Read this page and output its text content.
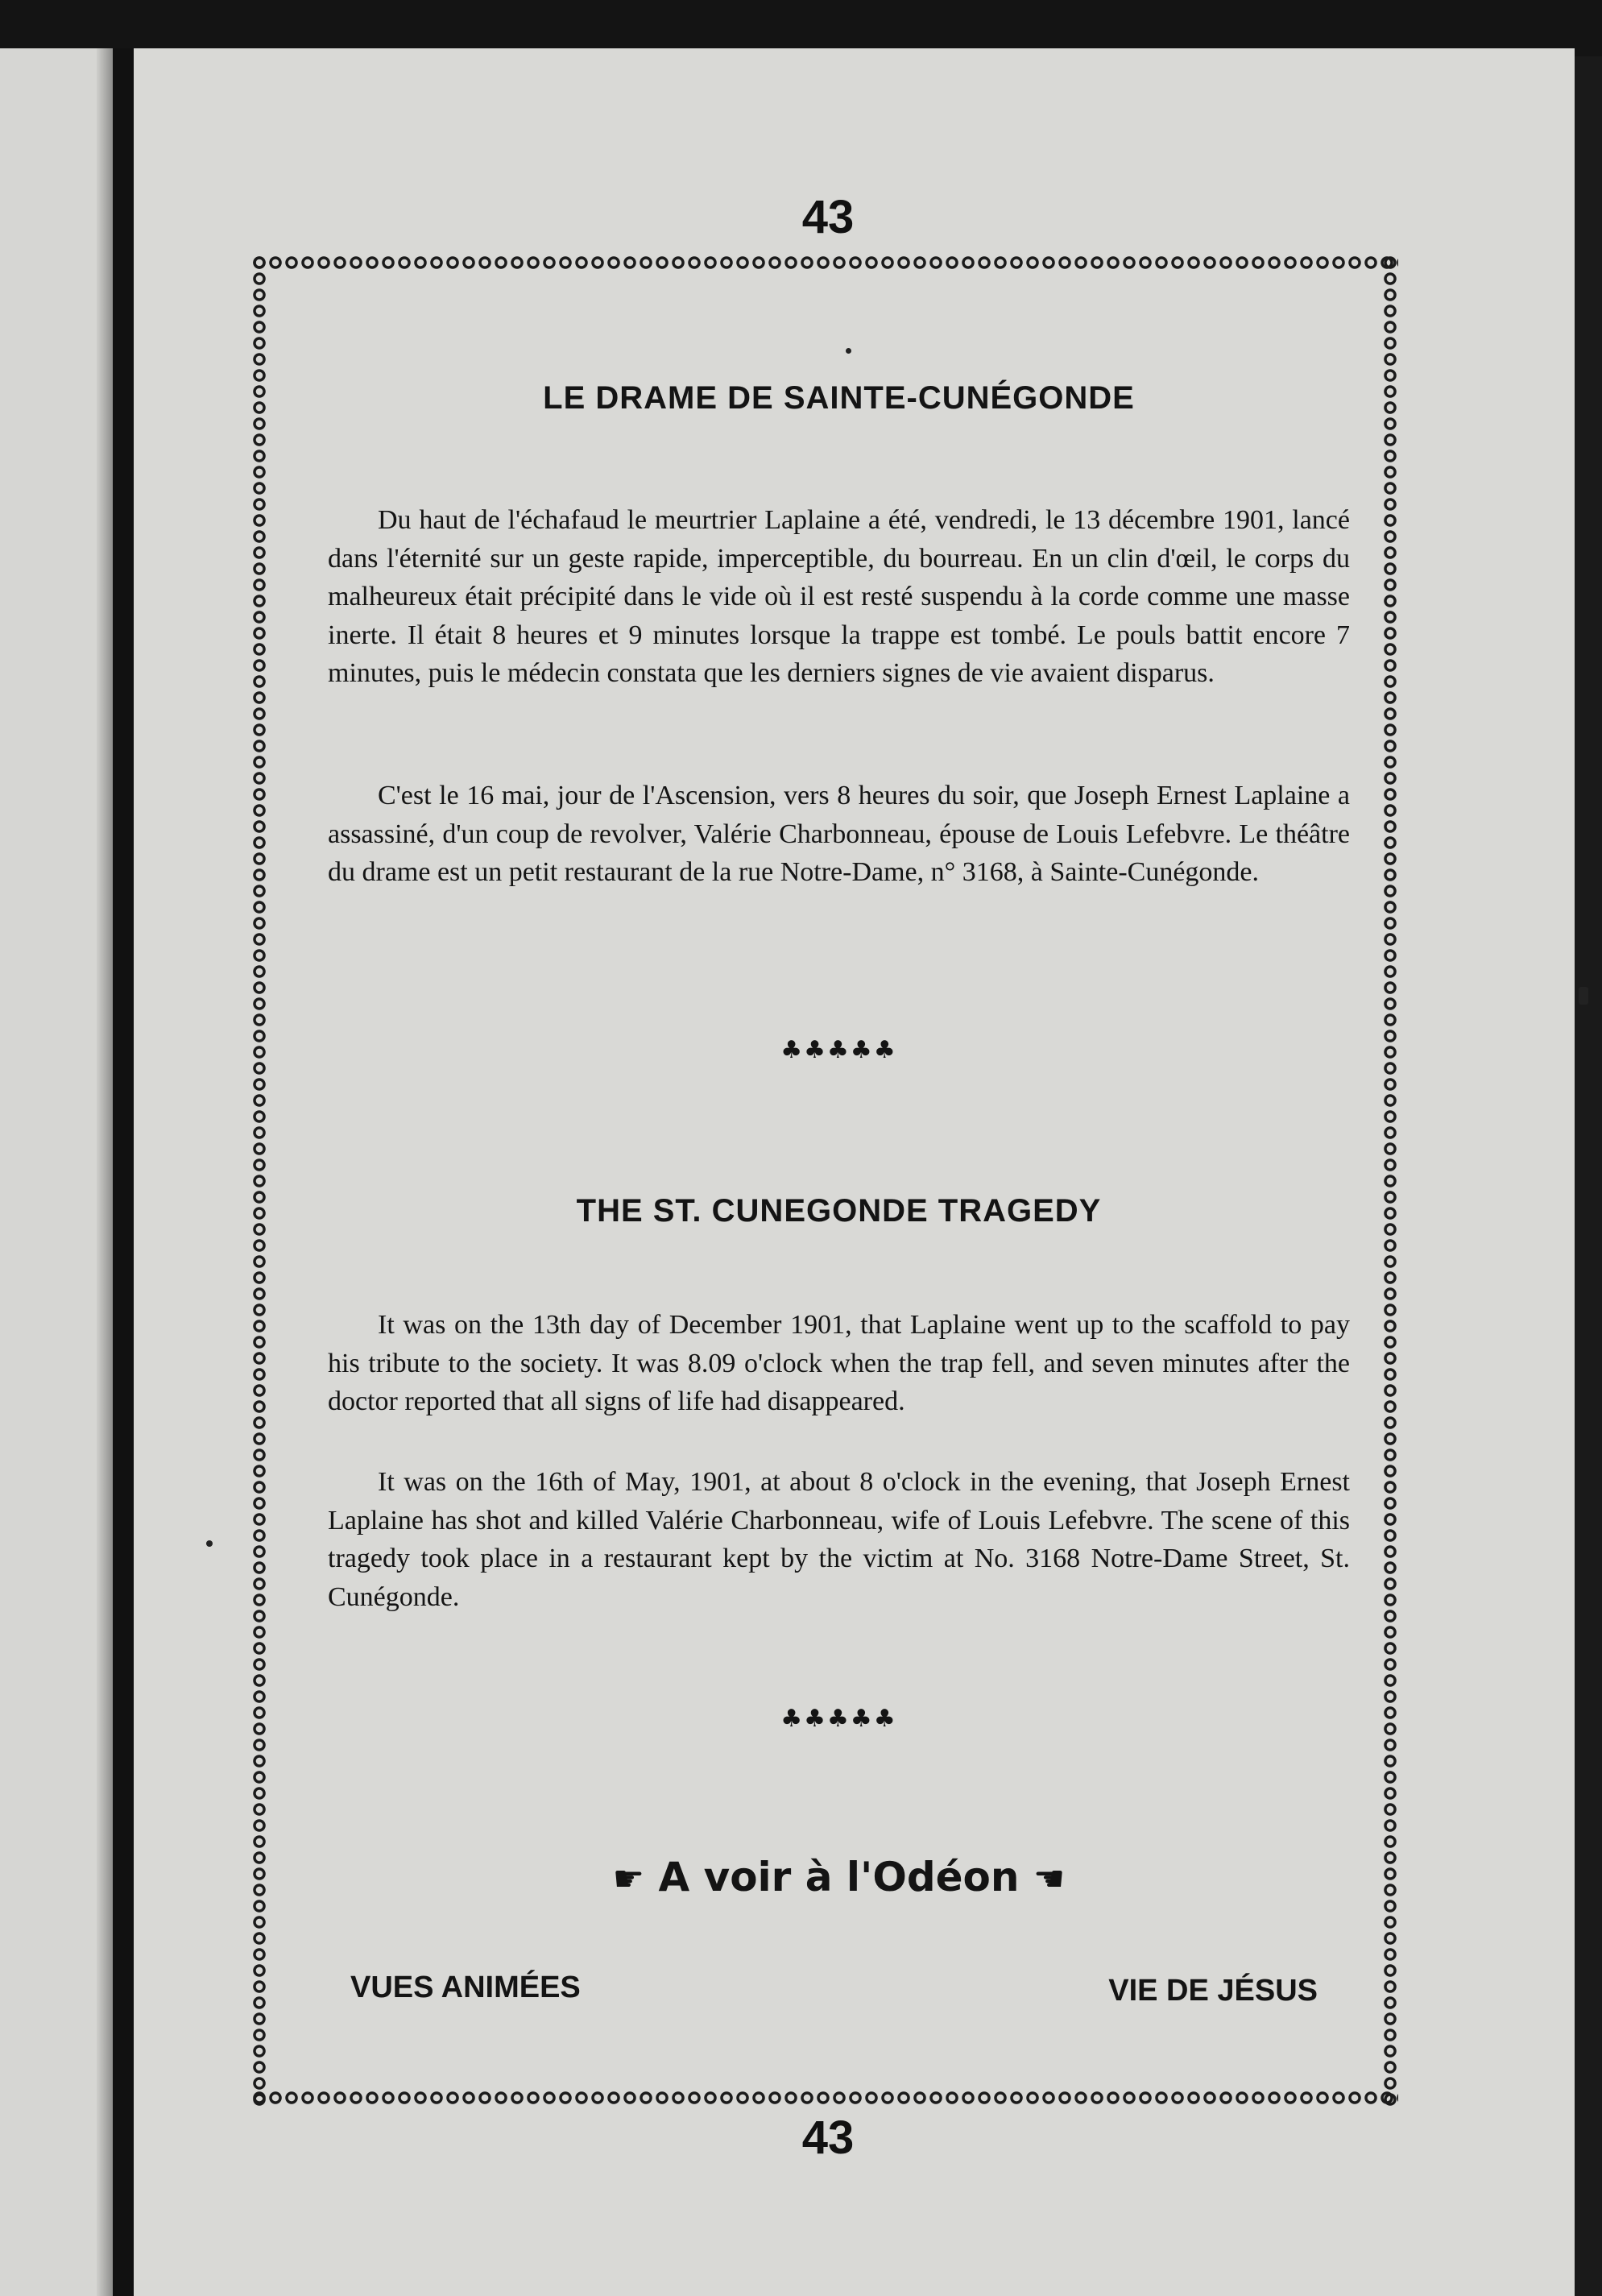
43
LE DRAME DE SAINTE-CUNÉGONDE

Du haut de l'échafaud le meurtrier Laplaine a été, vendredi, le 13 décembre 1901, lancé dans l'éternité sur un geste rapide, imperceptible, du bourreau. En un clin d'œil, le corps du malheureux était précipité dans le vide où il est resté suspendu à la corde comme une masse inerte. Il était 8 heures et 9 minutes lorsque la trappe est tombé. Le pouls battit encore 7 minutes, puis le médecin constata que les derniers signes de vie avaient disparus.

C'est le 16 mai, jour de l'Ascension, vers 8 heures du soir, que Joseph Ernest Laplaine a assassiné, d'un coup de revolver, Valérie Charbonneau, épouse de Louis Lefebvre. Le théâtre du drame est un petit restaurant de la rue Notre-Dame, n° 3168, à Sainte-Cunégonde.

♣♣♣♣♣
THE ST. CUNEGONDE TRAGEDY

It was on the 13th day of December 1901, that Laplaine went up to the scaffold to pay his tribute to the society. It was 8.09 o'clock when the trap fell, and seven minutes after the doctor reported that all signs of life had disappeared.

It was on the 16th of May, 1901, at about 8 o'clock in the evening, that Joseph Ernest Laplaine has shot and killed Valérie Charbonneau, wife of Louis Lefebvre. The scene of this tragedy took place in a restaurant kept by the victim at No. 3168 Notre-Dame Street, St. Cunégonde.

♣♣♣♣♣
☛ A voir à l'Odéon ☚
VUES ANIMÉES	VIE DE JÉSUS
43
